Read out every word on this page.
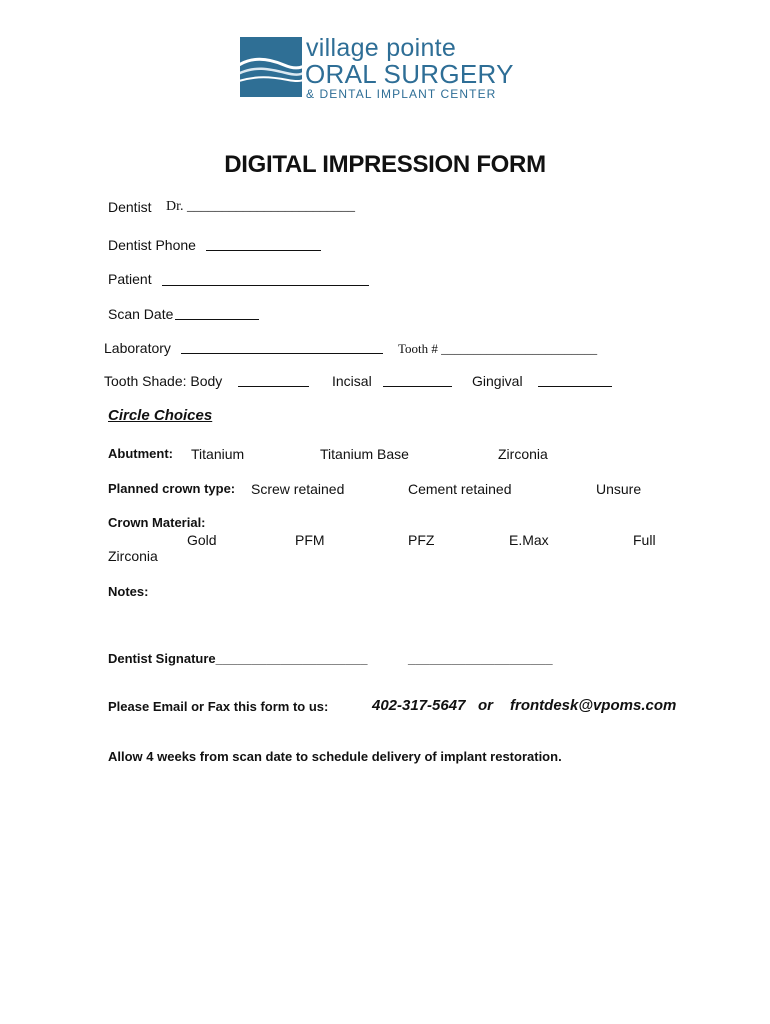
village pointe
ORAL SURGERY
& DENTAL IMPLANT CENTER
DIGITAL IMPRESSION FORM
Dentist Dr. ________________________
Dentist Phone
Patient
Scan Date
Laboratory	Tooth # ________________________
Tooth Shade: Body	Incisal	Gingival
Circle Choices
Abutment: Titanium	Titanium Base	Zirconia
Planned crown type: Screw retained	Cement retained	Unsure
Crown Material:
Gold	PFM	PFZ	E.Max	Full
Zirconia
Notes:
Dentist Signature_____________________	____________________
Please Email or Fax this form to us:	402-317-5647 or frontdesk@vpoms.com
Allow 4 weeks from scan date to schedule delivery of implant restoration.
